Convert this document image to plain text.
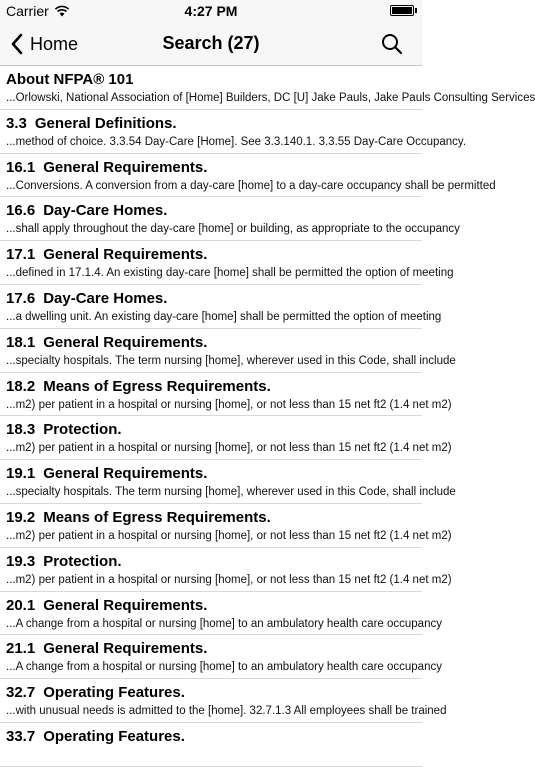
Carrier	4:27 PM
Home	Search (27)
About NFPA® 101
...Orlowski, National Association of [Home] Builders, DC [U] Jake Pauls, Jake Pauls Consulting Services
3.3 General Definitions.
...method of choice. 3.3.54 Day-Care [Home]. See 3.3.140.1. 3.3.55 Day-Care Occupancy.
16.1 General Requirements.
...Conversions. A conversion from a day-care [home] to a day-care occupancy shall be permitted
16.6 Day-Care Homes.
...shall apply throughout the day-care [home] or building, as appropriate to the occupancy
17.1 General Requirements.
...defined in 17.1.4. An existing day-care [home] shall be permitted the option of meeting
17.6 Day-Care Homes.
...a dwelling unit. An existing day-care [home] shall be permitted the option of meeting
18.1 General Requirements.
...specialty hospitals. The term nursing [home], wherever used in this Code, shall include
18.2 Means of Egress Requirements.
...m2) per patient in a hospital or nursing [home], or not less than 15 net ft2 (1.4 net m2)
18.3 Protection.
...m2) per patient in a hospital or nursing [home], or not less than 15 net ft2 (1.4 net m2)
19.1 General Requirements.
...specialty hospitals. The term nursing [home], wherever used in this Code, shall include
19.2 Means of Egress Requirements.
...m2) per patient in a hospital or nursing [home], or not less than 15 net ft2 (1.4 net m2)
19.3 Protection.
...m2) per patient in a hospital or nursing [home], or not less than 15 net ft2 (1.4 net m2)
20.1 General Requirements.
...A change from a hospital or nursing [home] to an ambulatory health care occupancy
21.1 General Requirements.
...A change from a hospital or nursing [home] to an ambulatory health care occupancy
32.7 Operating Features.
...with unusual needs is admitted to the [home]. 32.7.1.3 All employees shall be trained
33.7 Operating Features.
